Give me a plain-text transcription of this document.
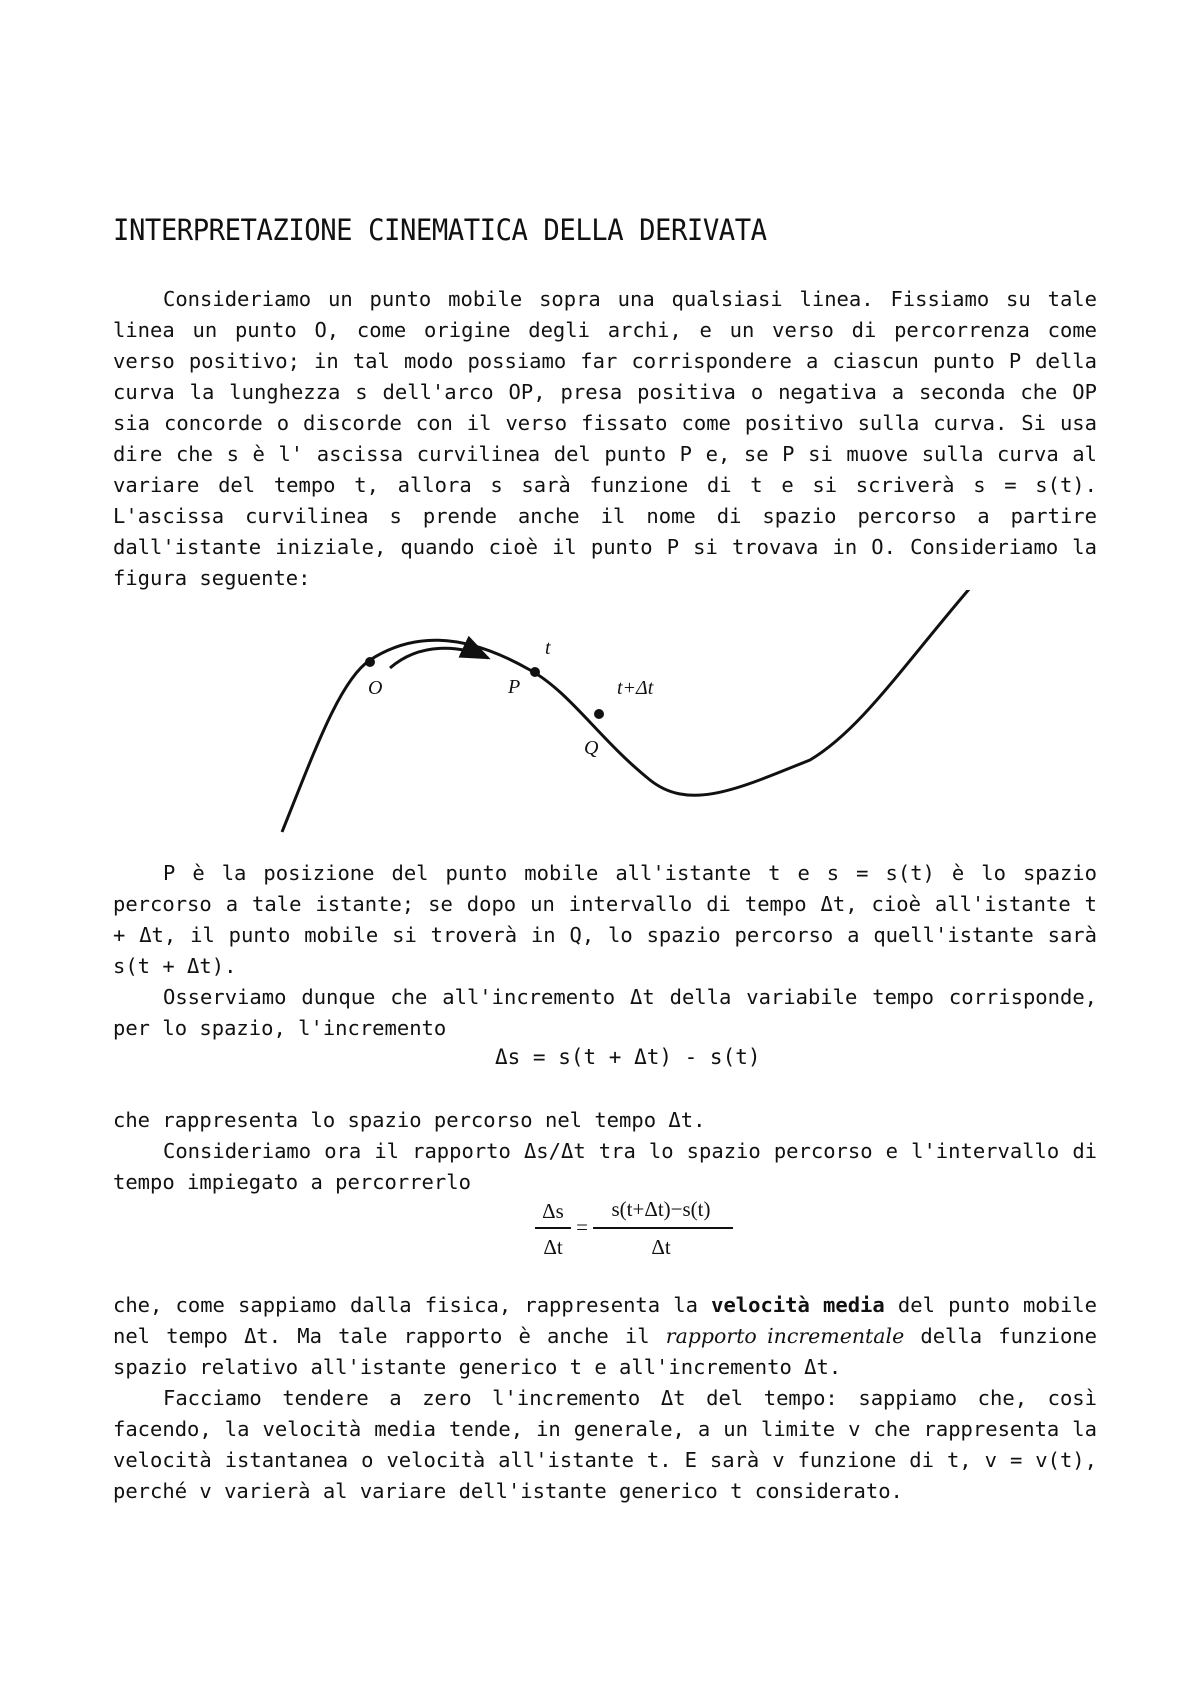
INTERPRETAZIONE CINEMATICA DELLA DERIVATA

Consideriamo un punto mobile sopra una qualsiasi linea. Fissiamo su tale linea un punto O, come origine degli archi, e un verso di percorrenza come verso positivo; in tal modo possiamo far corrispondere a ciascun punto P della curva la lunghezza s dell'arco OP, presa positiva o negativa a seconda che OP sia concorde o discorde con il verso fissato come positivo sulla curva. Si usa dire che s è l' ascissa curvilinea del punto P e, se P si muove sulla curva al variare del tempo t, allora s sarà funzione di t e si scriverà s = s(t). L'ascissa curvilinea s prende anche il nome di spazio percorso a partire dall'istante iniziale, quando cioè il punto P si trovava in O. Consideriamo la figura seguente:

O	P
t
t+Δt
Q

P è la posizione del punto mobile all'istante t e s = s(t) è lo spazio percorso a tale istante; se dopo un intervallo di tempo Δt, cioè all'istante t + Δt, il punto mobile si troverà in Q, lo spazio percorso a quell'istante sarà s(t + Δt).

Osserviamo dunque che all'incremento Δt della variabile tempo corrisponde, per lo spazio, l'incremento

Δs = s(t + Δt) - s(t)

che rappresenta lo spazio percorso nel tempo Δt.

Consideriamo ora il rapporto Δs/Δt tra lo spazio percorso e l'intervallo di tempo impiegato a percorrerlo

Δs
Δt
=
s(t+Δt)−s(t)
Δt

che, come sappiamo dalla fisica, rappresenta la velocità media del punto mobile nel tempo Δt. Ma tale rapporto è anche il rapporto incrementale della funzione spazio relativo all'istante generico t e all'incremento Δt.

Facciamo tendere a zero l'incremento Δt del tempo: sappiamo che, così facendo, la velocità media tende, in generale, a un limite v che rappresenta la velocità istantanea o velocità all'istante t. E sarà v funzione di t, v = v(t), perché v varierà al variare dell'istante generico t considerato.
